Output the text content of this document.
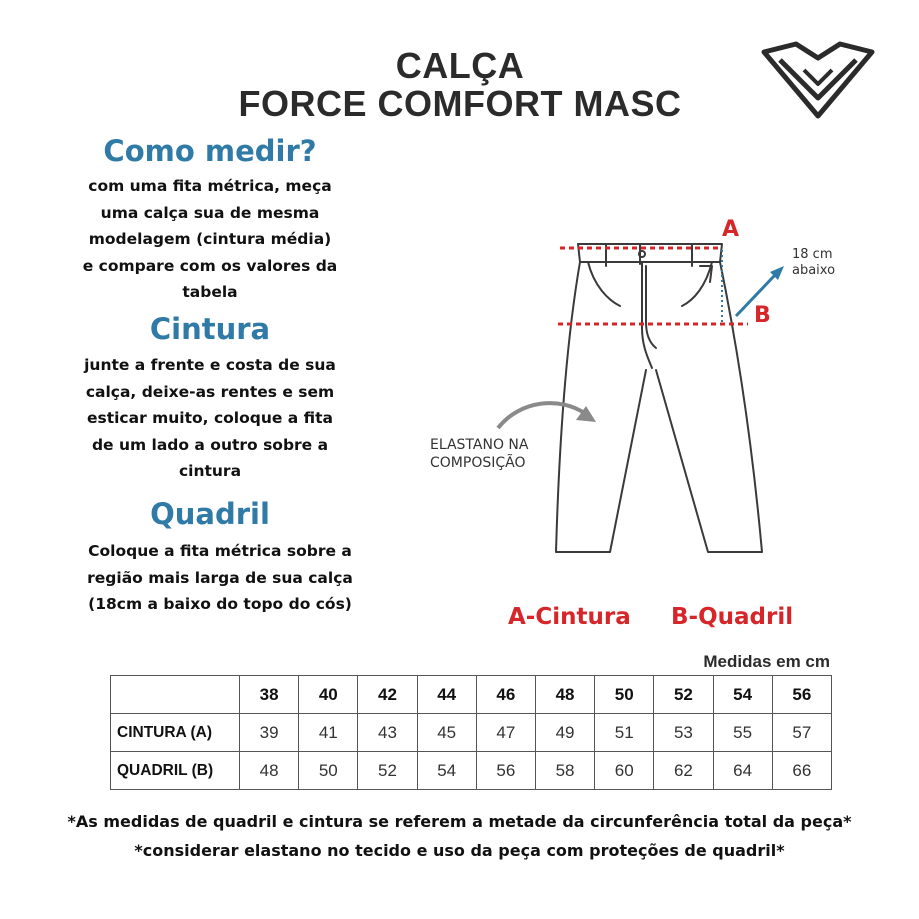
CALÇA
FORCE COMFORT MASC
Como medir?
com uma fita métrica, meça
uma calça sua de mesma
modelagem (cintura média)
e compare com os valores da
tabela
Cintura
junte a frente e costa de sua
calça, deixe-as rentes e sem
esticar muito, coloque a fita
de um lado a outro sobre a
cintura
Quadril
Coloque a fita métrica sobre a
região mais larga de sua calça
(18cm a baixo do topo do cós)
A
B
18 cm
abaixo
ELASTANO NA
COMPOSIÇÃO
A-Cintura B-Quadril
Medidas em cm
	38	40	42	44	46	48	50	52	54	56
CINTURA (A)	39	41	43	45	47	49	51	53	55	57
QUADRIL (B)	48	50	52	54	56	58	60	62	64	66
*As medidas de quadril e cintura se referem a metade da circunferência total da peça*
*considerar elastano no tecido e uso da peça com proteções de quadril*
